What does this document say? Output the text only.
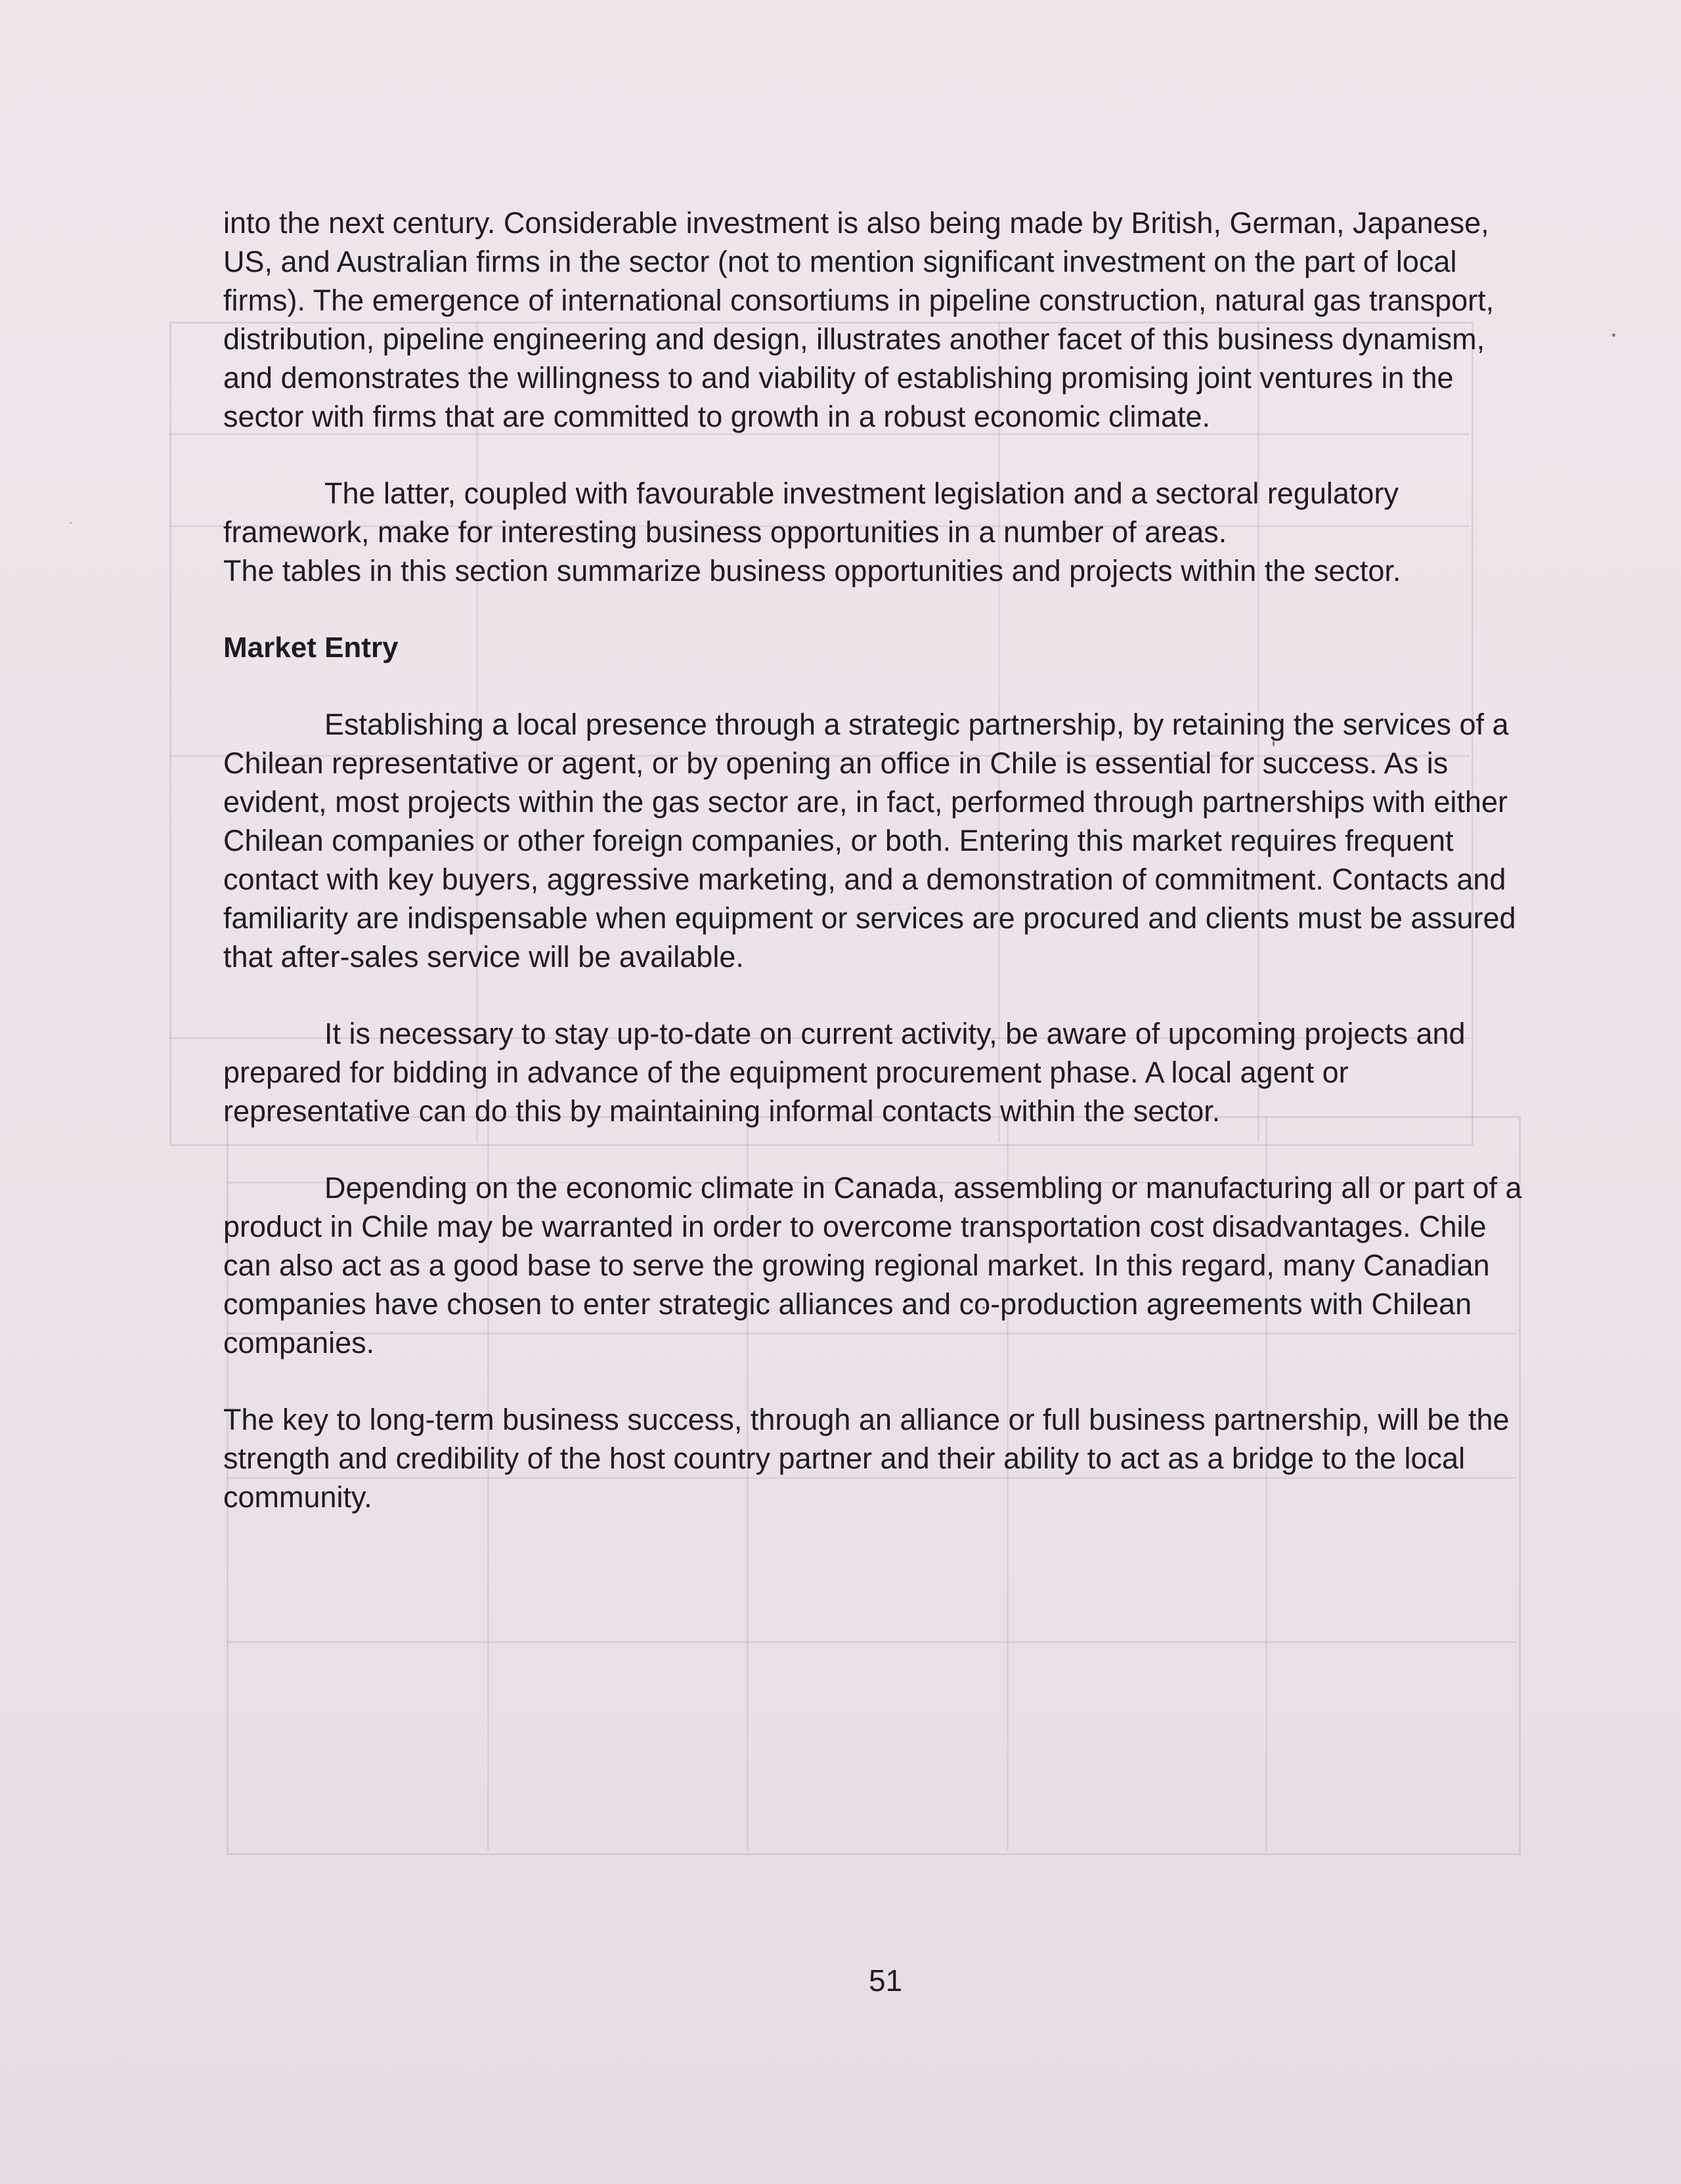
into the next century. Considerable investment is also being made by British, German, Japanese, US, and Australian firms in the sector (not to mention significant investment on the part of local firms). The emergence of international consortiums in pipeline construction, natural gas transport, distribution, pipeline engineering and design, illustrates another facet of this business dynamism, and demonstrates the willingness to and viability of establishing promising joint ventures in the sector with firms that are committed to growth in a robust economic climate.

The latter, coupled with favourable investment legislation and a sectoral regulatory framework, make for interesting business opportunities in a number of areas.

The tables in this section summarize business opportunities and projects within the sector.

Market Entry

Establishing a local presence through a strategic partnership, by retaining the services of a Chilean representative or agent, or by opening an office in Chile is essential for success. As is evident, most projects within the gas sector are, in fact, performed through partnerships with either Chilean companies or other foreign companies, or both. Entering this market requires frequent contact with key buyers, aggressive marketing, and a demonstration of commitment. Contacts and familiarity are indispensable when equipment or services are procured and clients must be assured that after-sales service will be available.

It is necessary to stay up-to-date on current activity, be aware of upcoming projects and prepared for bidding in advance of the equipment procurement phase. A local agent or representative can do this by maintaining informal contacts within the sector.

Depending on the economic climate in Canada, assembling or manufacturing all or part of a product in Chile may be warranted in order to overcome transportation cost disadvantages. Chile can also act as a good base to serve the growing regional market. In this regard, many Canadian companies have chosen to enter strategic alliances and co-production agreements with Chilean companies.

The key to long-term business success, through an alliance or full business partnership, will be the strength and credibility of the host country partner and their ability to act as a bridge to the local community.

51
